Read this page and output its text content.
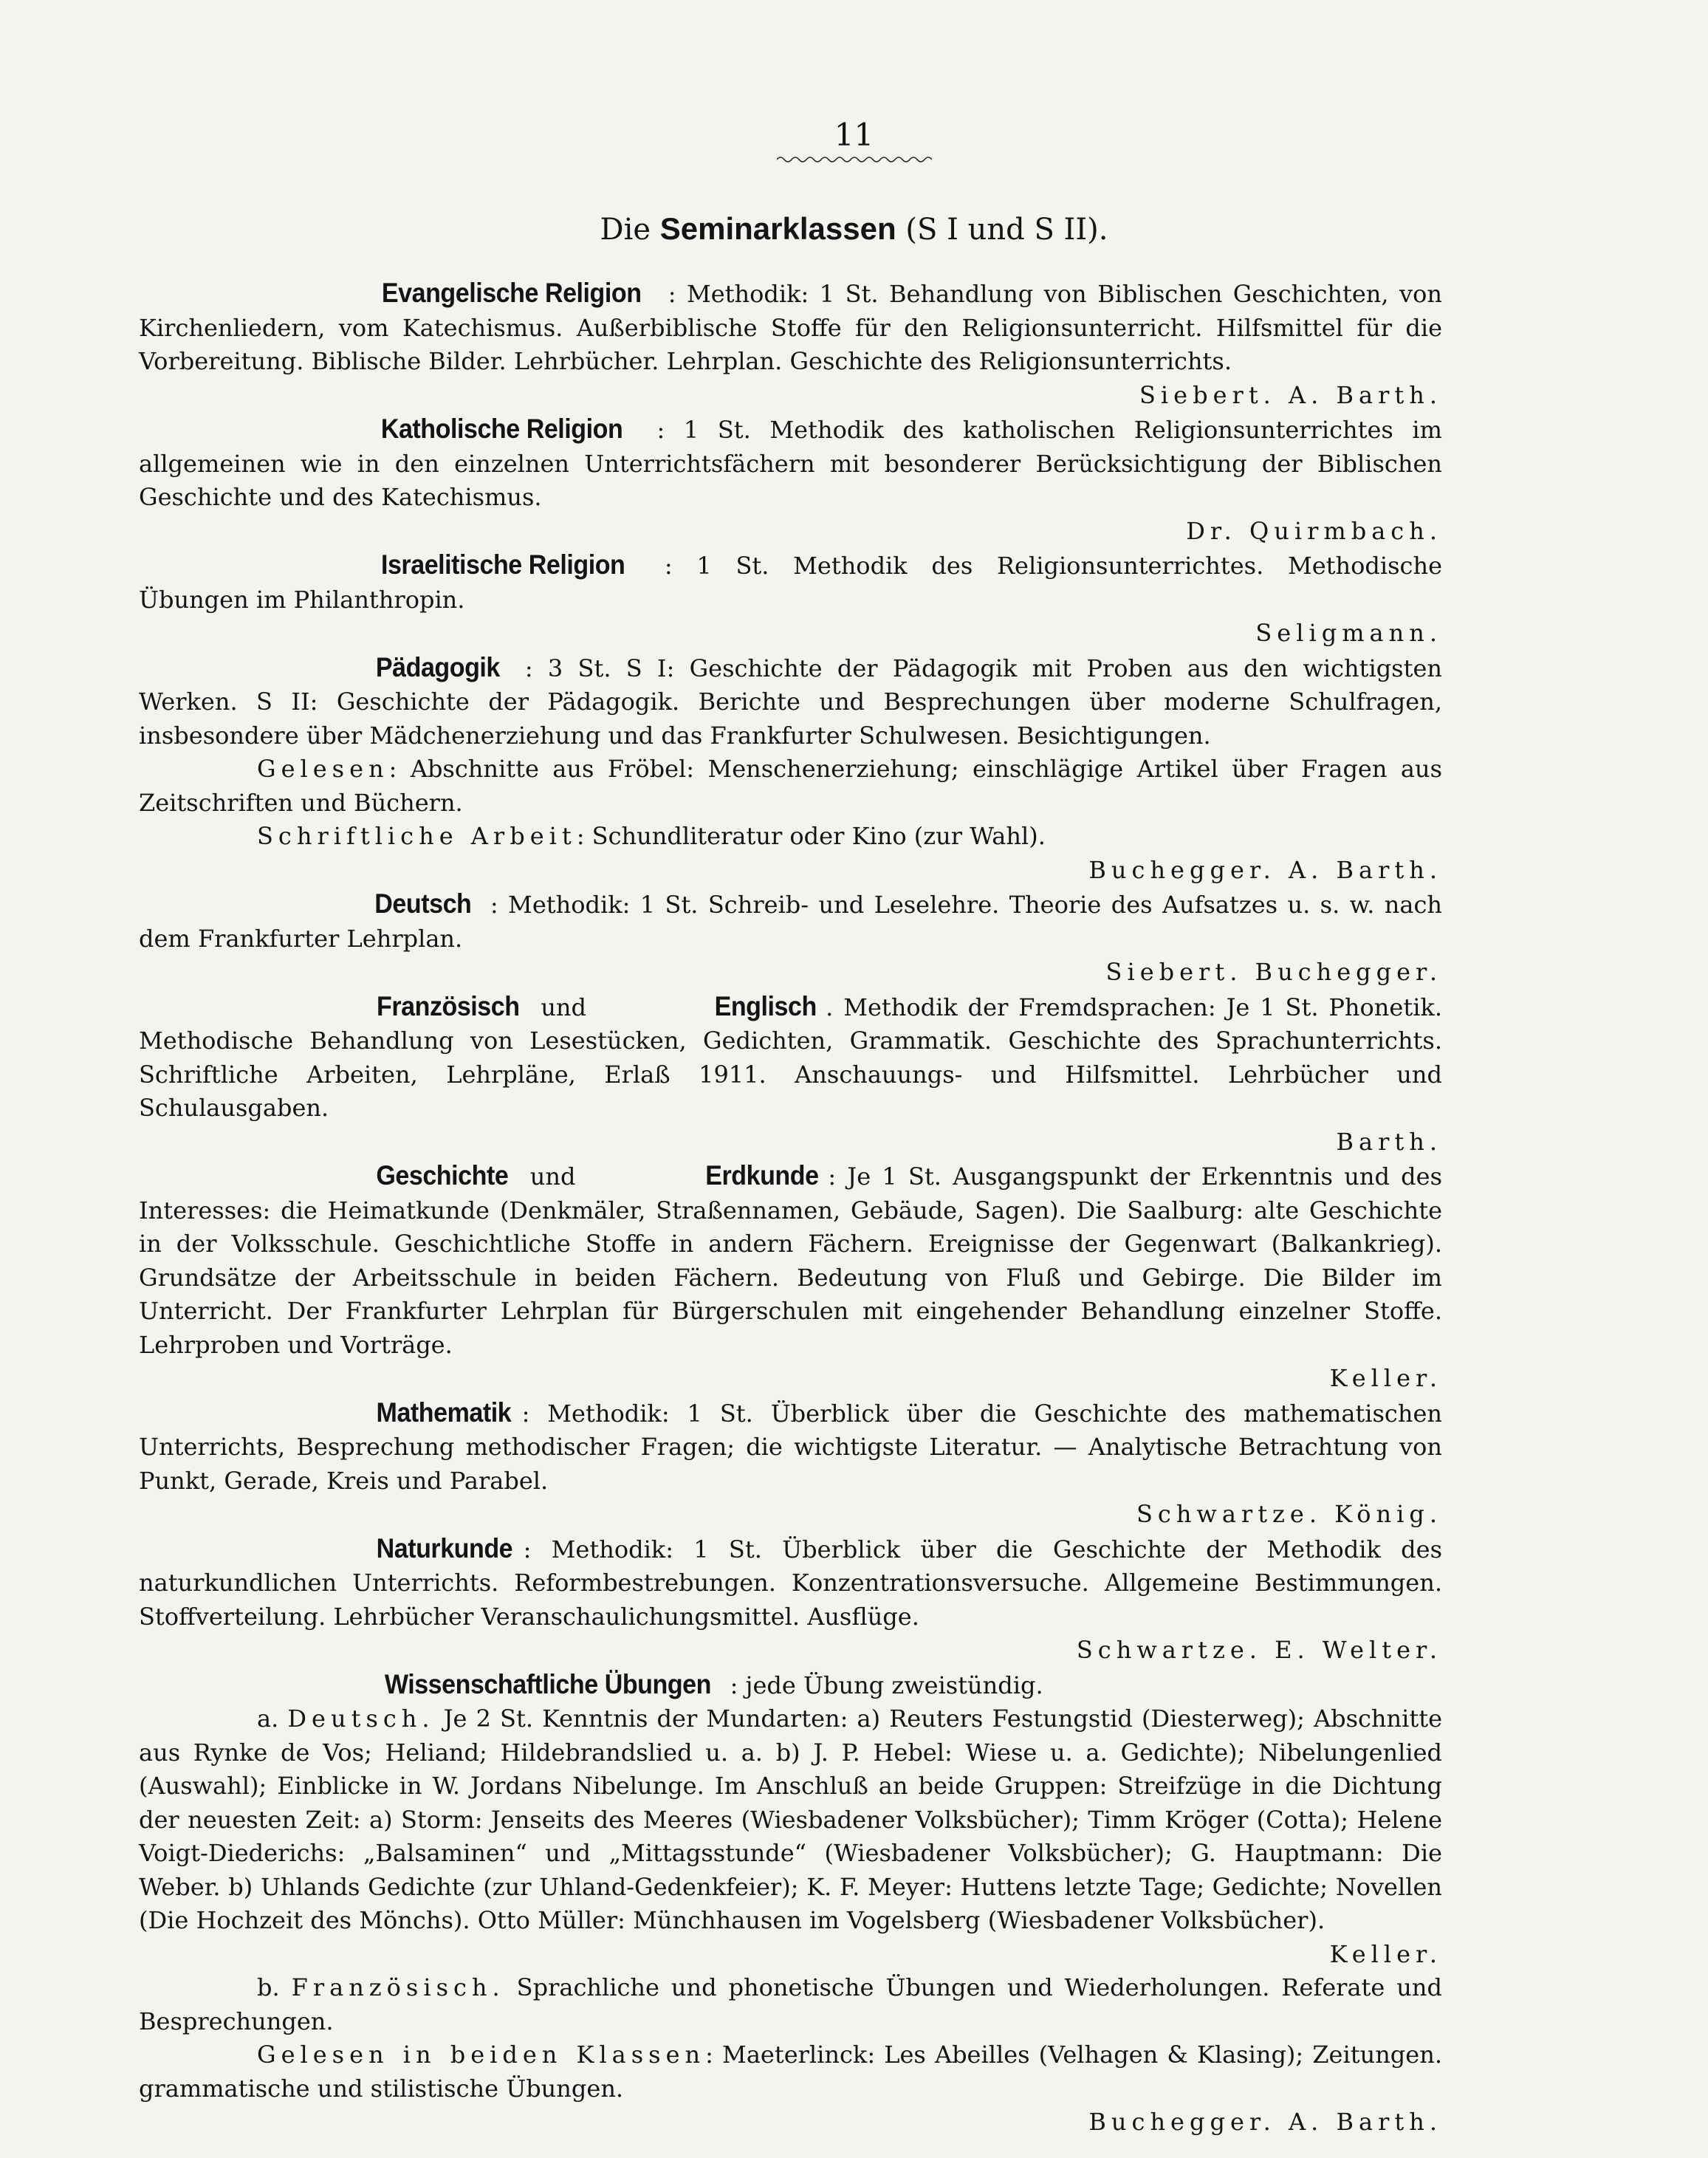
11
Die Seminarklassen (S I und S II).

Evangelische Religion : Methodik: 1 St. Behandlung von Biblischen Geschichten, von Kirchenliedern, vom Katechismus. Außerbiblische Stoffe für den Religionsunterricht. Hilfsmittel für die Vorbereitung. Biblische Bilder. Lehrbücher. Lehrplan. Geschichte des Religionsunterrichts.
Siebert. A. Barth.

Katholische Religion : 1 St. Methodik des katholischen Religionsunterrichtes im allgemeinen wie in den einzelnen Unterrichtsfächern mit besonderer Berücksichtigung der Biblischen Geschichte und des Katechismus.
Dr. Quirmbach.

Israelitische Religion : 1 St. Methodik des Religionsunterrichtes. Methodische Übungen im Philanthropin.
Seligmann.

Pädagogik : 3 St. S I: Geschichte der Pädagogik mit Proben aus den wichtigsten Werken. S II: Geschichte der Pädagogik. Berichte und Besprechungen über moderne Schulfragen, insbesondere über Mädchenerziehung und das Frankfurter Schulwesen. Besichtigungen.

Gelesen: Abschnitte aus Fröbel: Menschenerziehung; einschlägige Artikel über Fragen aus Zeitschriften und Büchern.

Schriftliche Arbeit: Schundliteratur oder Kino (zur Wahl).
Buchegger. A. Barth.

Deutsch : Methodik: 1 St. Schreib- und Leselehre. Theorie des Aufsatzes u. s. w. nach dem Frankfurter Lehrplan.
Siebert. Buchegger.

Französisch und	Englisch . Methodik der Fremdsprachen: Je 1 St. Phonetik. Methodische Behandlung von Lesestücken, Gedichten, Grammatik. Geschichte des Sprachunterrichts. Schriftliche Arbeiten, Lehrpläne, Erlaß 1911. Anschauungs- und Hilfsmittel. Lehrbücher und Schulausgaben.
Barth.

Geschichte und	Erdkunde : Je 1 St. Ausgangspunkt der Erkenntnis und des Interesses: die Heimatkunde (Denkmäler, Straßennamen, Gebäude, Sagen). Die Saalburg: alte Geschichte in der Volksschule. Geschichtliche Stoffe in andern Fächern. Ereignisse der Gegenwart (Balkankrieg). Grundsätze der Arbeitsschule in beiden Fächern. Bedeutung von Fluß und Gebirge. Die Bilder im Unterricht. Der Frankfurter Lehrplan für Bürgerschulen mit eingehender Behandlung einzelner Stoffe. Lehrproben und Vorträge.
Keller.

Mathematik : Methodik: 1 St. Überblick über die Geschichte des mathematischen Unterrichts, Besprechung methodischer Fragen; die wichtigste Literatur. — Analytische Betrachtung von Punkt, Gerade, Kreis und Parabel.
Schwartze. König.

Naturkunde : Methodik: 1 St. Überblick über die Geschichte der Methodik des naturkundlichen Unterrichts. Reformbestrebungen. Konzentrationsversuche. Allgemeine Bestimmungen. Stoffverteilung. Lehrbücher Veranschaulichungsmittel. Ausflüge.
Schwartze. E. Welter.

Wissenschaftliche Übungen : jede Übung zweistündig.

a. Deutsch. Je 2 St. Kenntnis der Mundarten: a) Reuters Festungstid (Diesterweg); Abschnitte aus Rynke de Vos; Heliand; Hildebrandslied u. a. b) J. P. Hebel: Wiese u. a. Gedichte); Nibelungenlied (Auswahl); Einblicke in W. Jordans Nibelunge. Im Anschluß an beide Gruppen: Streifzüge in die Dichtung der neuesten Zeit: a) Storm: Jenseits des Meeres (Wiesbadener Volksbücher); Timm Kröger (Cotta); Helene Voigt-Diederichs: „Balsaminen“ und „Mittagsstunde“ (Wiesbadener Volksbücher); G. Hauptmann: Die Weber. b) Uhlands Gedichte (zur Uhland-Gedenkfeier); K. F. Meyer: Huttens letzte Tage; Gedichte; Novellen (Die Hochzeit des Mönchs). Otto Müller: Münchhausen im Vogelsberg (Wiesbadener Volksbücher).
Keller.

b. Französisch. Sprachliche und phonetische Übungen und Wiederholungen. Referate und Besprechungen.

Gelesen in beiden Klassen: Maeterlinck: Les Abeilles (Velhagen & Klasing); Zeitungen. grammatische und stilistische Übungen.
Buchegger. A. Barth.
